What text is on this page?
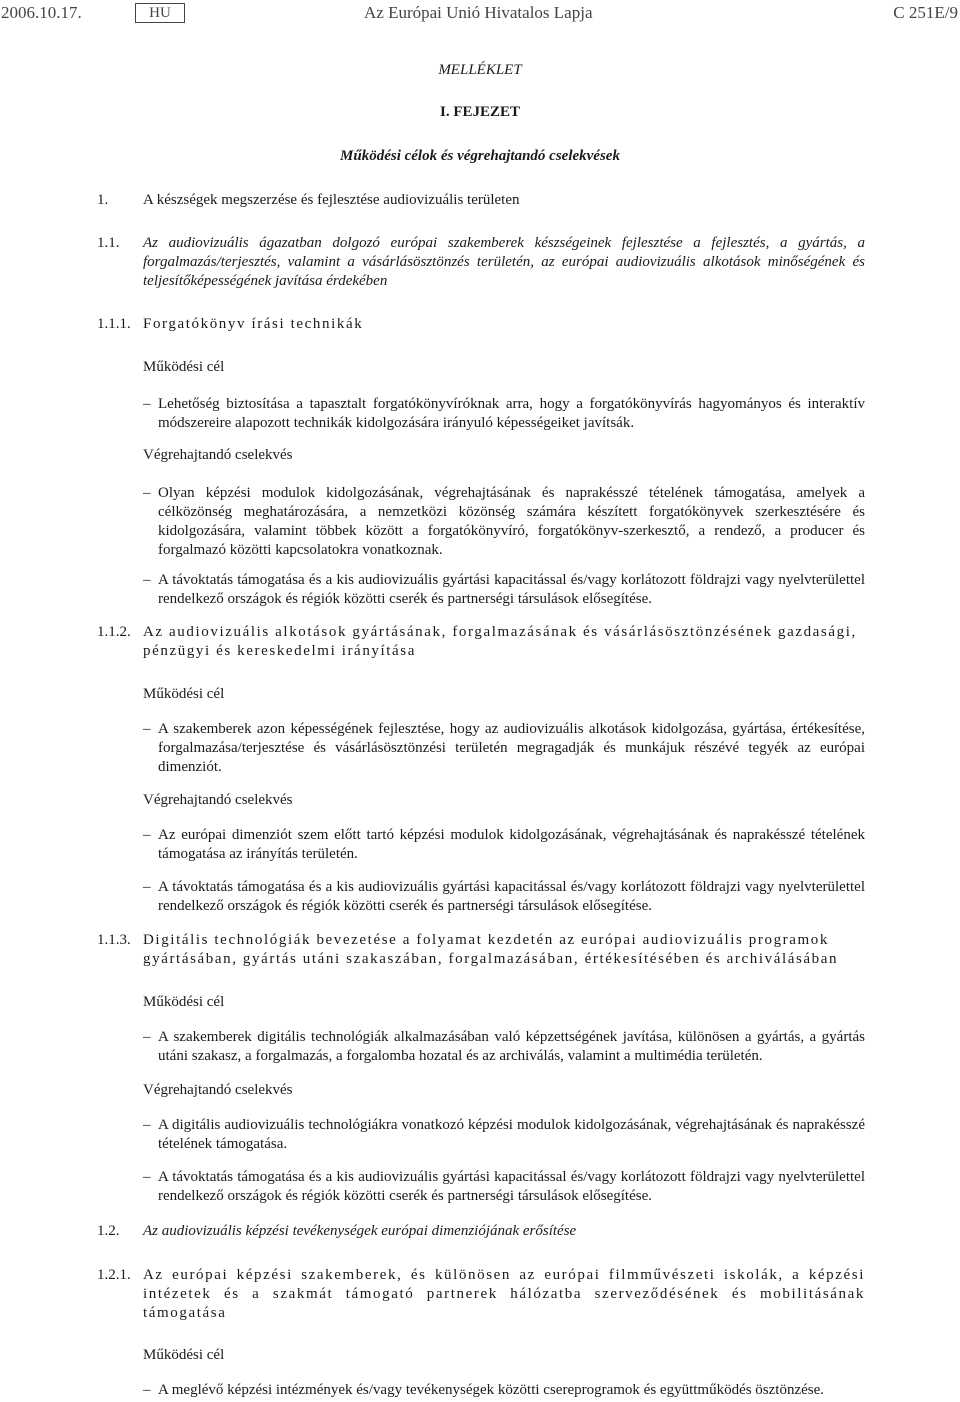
2006.10.17.	HU	Az Európai Unió Hivatalos Lapja	C 251E/9
MELLÉKLET
I. FEJEZET
Működési célok és végrehajtandó cselekvések
1. A készségek megszerzése és fejlesztése audiovizuális területen
1.1. Az audiovizuális ágazatban dolgozó európai szakemberek készségeinek fejlesztése a fejlesztés, a gyártás, a forgalmazás/terjesztés, valamint a vásárlásösztönzés területén, az európai audiovizuális alkotások minőségének és teljesítőképességének javítása érdekében
1.1.1. Forgatókönyv írási technikák
Működési cél
– Lehetőség biztosítása a tapasztalt forgatókönyvíróknak arra, hogy a forgatókönyvírás hagyományos és interaktív módszereire alapozott technikák kidolgozására irányuló képességeiket javítsák.
Végrehajtandó cselekvés
– Olyan képzési modulok kidolgozásának, végrehajtásának és naprakésszé tételének támogatása, amelyek a célközönség meghatározására, a nemzetközi közönség számára készített forgatókönyvek szerkesztésére és kidolgozására, valamint többek között a forgatókönyvíró, forgatókönyv-szerkesztő, a rendező, a producer és forgalmazó közötti kapcsolatokra vonatkoznak.
– A távoktatás támogatása és a kis audiovizuális gyártási kapacitással és/vagy korlátozott földrajzi vagy nyelvterülettel rendelkező országok és régiók közötti cserék és partnerségi társulások elősegítése.
1.1.2. Az audiovizuális alkotások gyártásának, forgalmazásának és vásárlásösztönzésének gazdasági, pénzügyi és kereskedelmi irányítása
Működési cél
– A szakemberek azon képességének fejlesztése, hogy az audiovizuális alkotások kidolgozása, gyártása, értékesítése, forgalmazása/terjesztése és vásárlásösztönzési területén megragadják és munkájuk részévé tegyék az európai dimenziót.
Végrehajtandó cselekvés
– Az európai dimenziót szem előtt tartó képzési modulok kidolgozásának, végrehajtásának és naprakésszé tételének támogatása az irányítás területén.
– A távoktatás támogatása és a kis audiovizuális gyártási kapacitással és/vagy korlátozott földrajzi vagy nyelvterülettel rendelkező országok és régiók közötti cserék és partnerségi társulások elősegítése.
1.1.3. Digitális technológiák bevezetése a folyamat kezdetén az európai audiovizuális programok gyártásában, gyártás utáni szakaszában, forgalmazásában, értékesítésében és archiválásában
Működési cél
– A szakemberek digitális technológiák alkalmazásában való képzettségének javítása, különösen a gyártás, a gyártás utáni szakasz, a forgalmazás, a forgalomba hozatal és az archiválás, valamint a multimédia területén.
Végrehajtandó cselekvés
– A digitális audiovizuális technológiákra vonatkozó képzési modulok kidolgozásának, végrehajtásának és naprakésszé tételének támogatása.
– A távoktatás támogatása és a kis audiovizuális gyártási kapacitással és/vagy korlátozott földrajzi vagy nyelvterülettel rendelkező országok és régiók közötti cserék és partnerségi társulások elősegítése.
1.2. Az audiovizuális képzési tevékenységek európai dimenziójának erősítése
1.2.1. Az európai képzési szakemberek, és különösen az európai filmművészeti iskolák, a képzési intézetek és a szakmát támogató partnerek hálózatba szerveződésének és mobilitásának támogatása
Működési cél
– A meglévő képzési intézmények és/vagy tevékenységek közötti csereprogramok és együttműködés ösztönzése.
